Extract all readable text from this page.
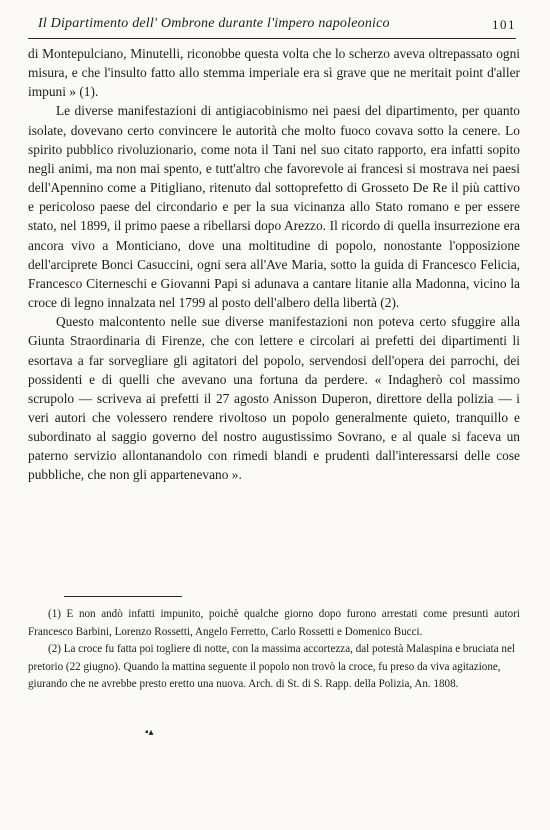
Il Dipartimento dell' Ombrone durante l'impero napoleonico	101

di Montepulciano, Minutelli, riconobbe questa volta che lo scherzo aveva oltrepassato ogni misura, e che l'insulto fatto allo stemma imperiale era sì grave que ne meritait point d'aller impuni » (1).

Le diverse manifestazioni di antigiacobinismo nei paesi del dipartimento, per quanto isolate, dovevano certo convincere le autorità che molto fuoco covava sotto la cenere. Lo spirito pubblico rivoluzionario, come nota il Tani nel suo citato rapporto, era infatti sopito negli animi, ma non mai spento, e tutt'altro che favorevole ai francesi si mostrava nei paesi dell'Apennino come a Pitigliano, ritenuto dal sottoprefetto di Grosseto De Re il più cattivo e pericoloso paese del circondario e per la sua vicinanza allo Stato romano e per essere stato, nel 1899, il primo paese a ribellarsi dopo Arezzo. Il ricordo di quella insurrezione era ancora vivo a Monticiano, dove una moltitudine di popolo, nonostante l'opposizione dell'arciprete Bonci Casuccini, ogni sera all'Ave Maria, sotto la guida di Francesco Felicia, Francesco Citerneschi e Giovanni Papi si adunava a cantare litanie alla Madonna, vicino la croce di legno innalzata nel 1799 al posto dell'albero della libertà (2).

Questo malcontento nelle sue diverse manifestazioni non poteva certo sfuggire alla Giunta Straordinaria di Firenze, che con lettere e circolari ai prefetti dei dipartimenti li esortava a far sorvegliare gli agitatori del popolo, servendosi dell'opera dei parrochi, dei possidenti e di quelli che avevano una fortuna da perdere. « Indagherò col massimo scrupolo — scriveva ai prefetti il 27 agosto Anisson Duperon, direttore della polizia — i veri autori che volessero rendere rivoltoso un popolo generalmente quieto, tranquillo e subordinato al saggio governo del nostro augustissimo Sovrano, e al quale si faceva un paterno servizio allontanandolo con rimedi blandi e prudenti dall'interessarsi delle cose pubbliche, che non gli appartenevano ».

(1) E non andò infatti impunito, poichè qualche giorno dopo furono arrestati come presunti autori Francesco Barbini, Lorenzo Rossetti, Angelo Ferretto, Carlo Rossetti e Domenico Bucci.

(2) La croce fu fatta poi togliere di notte, con la massima accortezza, dal potestà Malaspina e bruciata nel pretorio (22 giugno). Quando la mattina seguente il popolo non trovò la croce, fu preso da viva agitazione, giurando che ne avrebbe presto eretto una nuova. Arch. di St. di S. Rapp. della Polizia, An. 1808.

▪▴
